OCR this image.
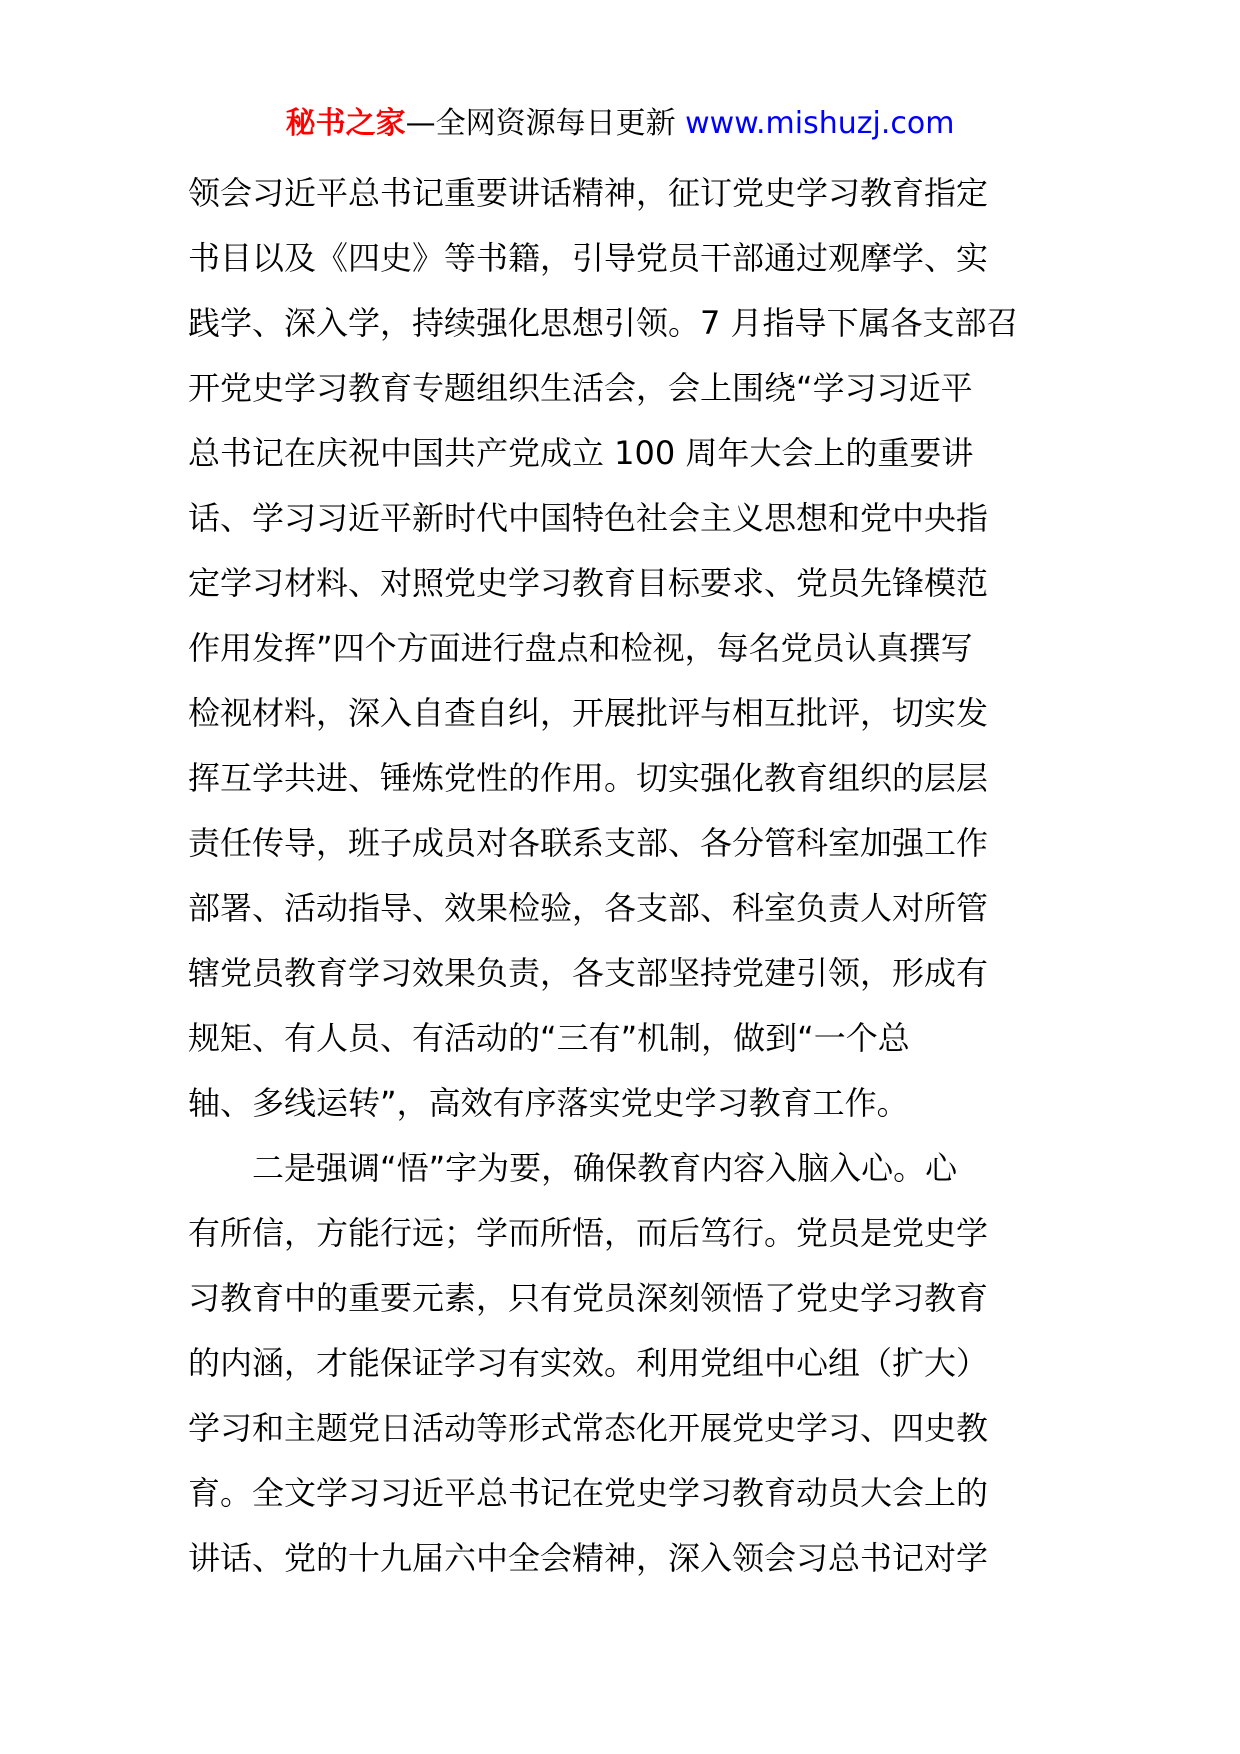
秘书之家—全网资源每日更新 www.mishuzj.com
领会习近平总书记重要讲话精神，征订党史学习教育指定
书目以及《四史》等书籍，引导党员干部通过观摩学、实
践学、深入学，持续强化思想引领。7 月指导下属各支部召
开党史学习教育专题组织生活会，会上围绕“学习习近平
总书记在庆祝中国共产党成立 100 周年大会上的重要讲
话、学习习近平新时代中国特色社会主义思想和党中央指
定学习材料、对照党史学习教育目标要求、党员先锋模范
作用发挥”四个方面进行盘点和检视，每名党员认真撰写
检视材料，深入自查自纠，开展批评与相互批评，切实发
挥互学共进、锤炼党性的作用。切实强化教育组织的层层
责任传导，班子成员对各联系支部、各分管科室加强工作
部署、活动指导、效果检验，各支部、科室负责人对所管
辖党员教育学习效果负责，各支部坚持党建引领，形成有
规矩、有人员、有活动的“三有”机制，做到“一个总
轴、多线运转”，高效有序落实党史学习教育工作。
二是强调“悟”字为要，确保教育内容入脑入心。心
有所信，方能行远；学而所悟，而后笃行。党员是党史学
习教育中的重要元素，只有党员深刻领悟了党史学习教育
的内涵，才能保证学习有实效。利用党组中心组（扩大）
学习和主题党日活动等形式常态化开展党史学习、四史教
育。全文学习习近平总书记在党史学习教育动员大会上的
讲话、党的十九届六中全会精神，深入领会习总书记对学
